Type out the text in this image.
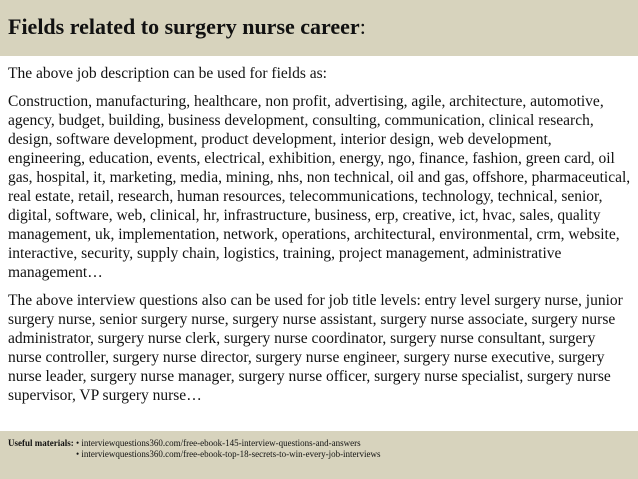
Fields related to surgery nurse career:

The above job description can be used for fields as:

Construction, manufacturing, healthcare, non profit, advertising, agile, architecture, automotive, agency, budget, building, business development, consulting, communication, clinical research, design, software development, product development, interior design, web development, engineering, education, events, electrical, exhibition, energy, ngo, finance, fashion, green card, oil gas, hospital, it, marketing, media, mining, nhs, non technical, oil and gas, offshore, pharmaceutical, real estate, retail, research, human resources, telecommunications, technology, technical, senior, digital, software, web, clinical, hr, infrastructure, business, erp, creative, ict, hvac, sales, quality management, uk, implementation, network, operations, architectural, environmental, crm, website, interactive, security, supply chain, logistics, training, project management, administrative management…

The above interview questions also can be used for job title levels: entry level surgery nurse, junior surgery nurse, senior surgery nurse, surgery nurse assistant, surgery nurse associate, surgery nurse administrator, surgery nurse clerk, surgery nurse coordinator, surgery nurse consultant, surgery nurse controller, surgery nurse director, surgery nurse engineer, surgery nurse executive, surgery nurse leader, surgery nurse manager, surgery nurse officer, surgery nurse specialist, surgery nurse supervisor, VP surgery nurse…

Useful materials: • interviewquestions360.com/free-ebook-145-interview-questions-and-answers
• interviewquestions360.com/free-ebook-top-18-secrets-to-win-every-job-interviews
